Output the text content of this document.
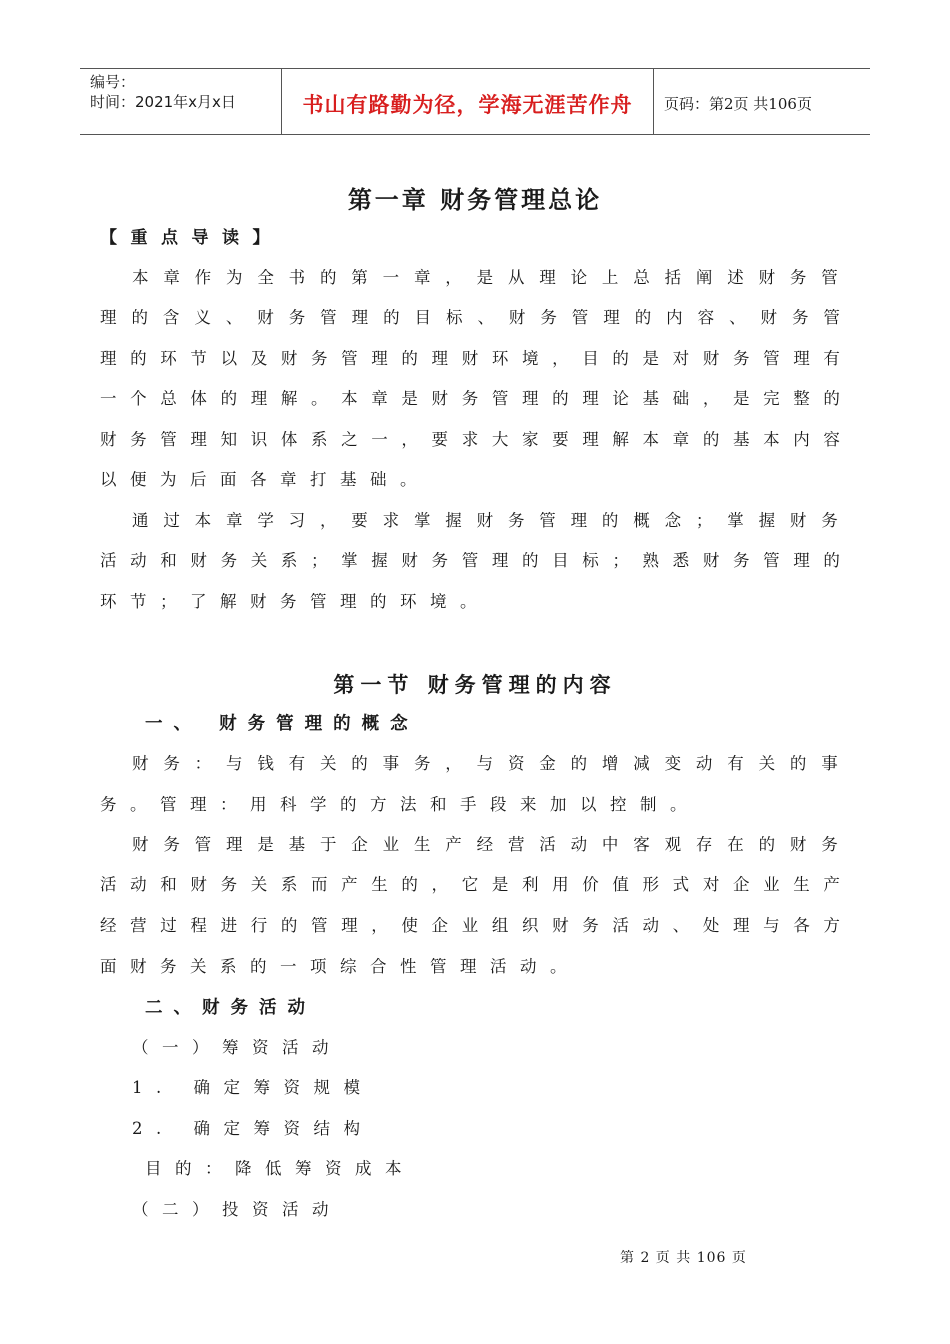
编号：
时间：2021年x月x日	书山有路勤为径，学海无涯苦作舟	页码：第2页 共106页
第一章 财务管理总论
【重点导读】
本 章 作 为 全 书 的 第 一 章 ， 是 从 理 论 上 总 括 阐 述 财 务 管
理 的 含 义 、 财 务 管 理 的 目 标 、 财 务 管 理 的 内 容 、 财 务 管
理 的 环 节 以 及 财 务 管 理 的 理 财 环 境 ， 目 的 是 对 财 务 管 理 有
一 个 总 体 的 理 解 。 本 章 是 财 务 管 理 的 理 论 基 础 ， 是 完 整 的
财 务 管 理 知 识 体 系 之 一 ， 要 求 大 家 要 理 解 本 章 的 基 本 内 容
以便为后面各章打基础。
通 过 本 章 学 习 ， 要 求 掌 握 财 务 管 理 的 概 念 ； 掌 握 财 务
活 动 和 财 务 关 系 ； 掌 握 财 务 管 理 的 目 标 ； 熟 悉 财 务 管 理 的
环节；了解财务管理的环境。
第一节 财务管理的内容
一、 财务管理的概念
财 务 ： 与 钱 有 关 的 事 务 ， 与 资 金 的 增 减 变 动 有 关 的 事
务。管理：用科学的方法和手段来加以控制。
财 务 管 理 是 基 于 企 业 生 产 经 营 活 动 中 客 观 存 在 的 财 务
活 动 和 财 务 关 系 而 产 生 的 ， 它 是 利 用 价 值 形 式 对 企 业 生 产
经 营 过 程 进 行 的 管 理 ， 使 企 业 组 织 财 务 活 动 、 处 理 与 各 方
面财务关系的一项综合性管理活动。
二、财务活动
（一）筹资活动
1. 确定筹资规模
2. 确定筹资结构
目的：降低筹资成本
（二）投资活动
第 2 页 共 106 页
